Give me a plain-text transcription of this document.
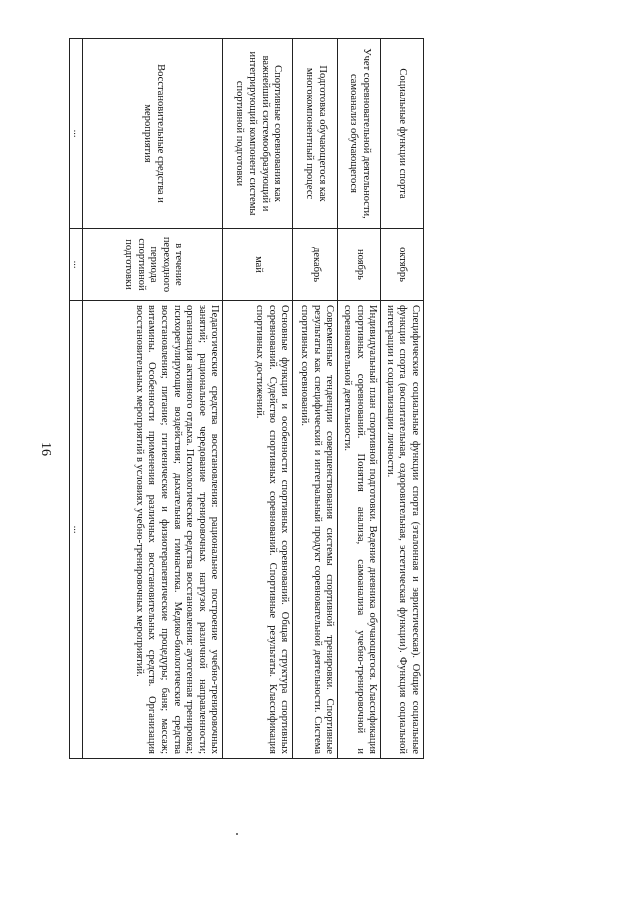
16
Социальные функции спорта	октябрь	Специфические социальные функции спорта (эталонная и эвристическая). Общие социальные функции спорта (воспитательная, оздоровительная, эстетическая функции). Функция социальной интеграции и социализации личности.
Учет соревновательной деятельности, самоанализ обучающегося	ноябрь	Индивидуальный план спортивной подготовки. Ведение дневника обучающегося. Классификация спортивных соревнований. Понятия анализа, самоанализа учебно-тренировочной и соревновательной деятельности.
Подготовка обучающегося как многокомпонентный процесс	декабрь	Современные тенденции совершенствования системы спортивной тренировки. Спортивные результаты как специфический и интегральный продукт соревновательной деятельности. Система спортивных соревнований.
Спортивные соревнования как важнейший системообразующий и интегрирующий компонент системы спортивной подготовки	май	Основные функции и особенности спортивных соревнований. Общая структура спортивных соревнований. Судейство спортивных соревнований. Спортивные результаты. Классификация спортивных достижений.
Восстановительные средства и мероприятия	в течение переходного периода спортивной подготовки	Педагогические средства восстановления: рациональное построение учебно-тренировочных занятий; рациональное чередование тренировочных нагрузок различной направленности; организация активного отдыха. Психологические средства восстановления: аутогенная тренировка; психорегулирующие воздействия; дыхательная гимнастика. Медико-биологические средства восстановления; питание; гигиенические и физиотерапевтические процедуры; баня; массаж; витамины. Особенности применения различных восстановительных средств. Организация восстановительных мероприятий в условиях учебно-тренировочных мероприятий.
...	...	...
